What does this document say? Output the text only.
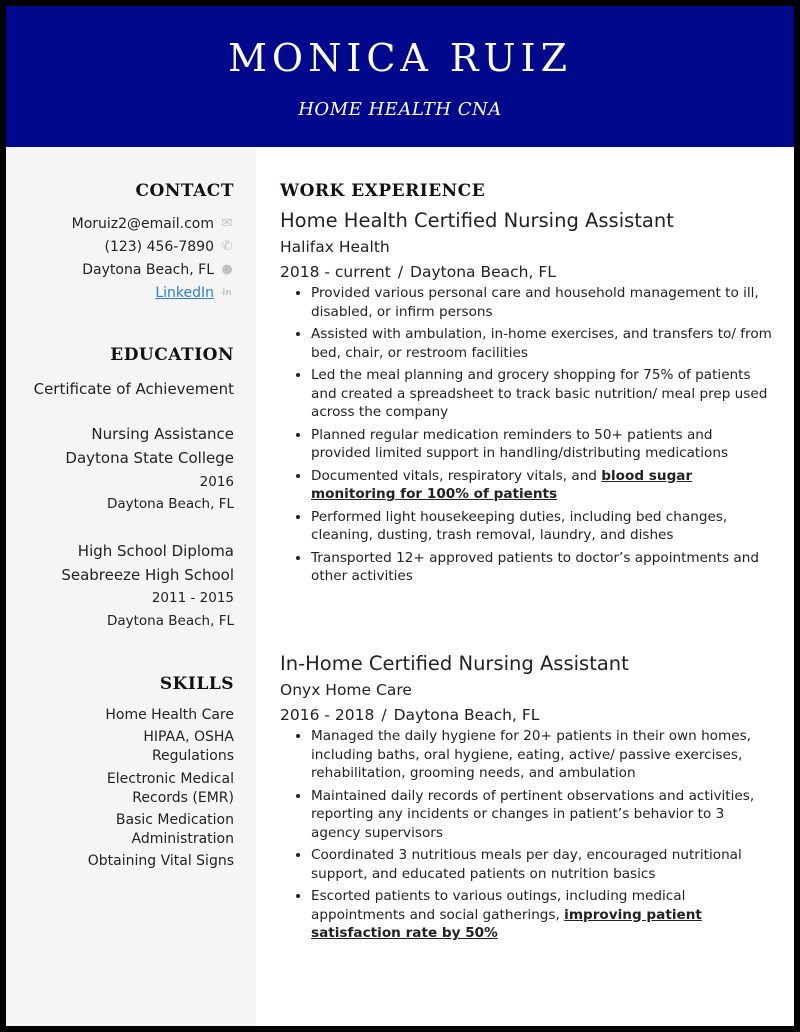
MONICA RUIZ
HOME HEALTH CNA
CONTACT
Moruiz2@email.com ✉
(123) 456-7890 ✆
Daytona Beach, FL ●
LinkedIn in
EDUCATION
Certificate of Achievement
Nursing Assistance
Daytona State College
2016
Daytona Beach, FL
High School Diploma
Seabreeze High School
2011 - 2015
Daytona Beach, FL
SKILLS
Home Health Care
HIPAA, OSHA Regulations
Electronic Medical Records (EMR)
Basic Medication Administration
Obtaining Vital Signs
WORK EXPERIENCE
Home Health Certified Nursing Assistant
Halifax Health
2018 - current / Daytona Beach, FL
• Provided various personal care and household management to ill, disabled, or infirm persons
• Assisted with ambulation, in-home exercises, and transfers to/ from bed, chair, or restroom facilities
• Led the meal planning and grocery shopping for 75% of patients and created a spreadsheet to track basic nutrition/ meal prep used across the company
• Planned regular medication reminders to 50+ patients and provided limited support in handling/distributing medications
• Documented vitals, respiratory vitals, and blood sugar monitoring for 100% of patients
• Performed light housekeeping duties, including bed changes, cleaning, dusting, trash removal, laundry, and dishes
• Transported 12+ approved patients to doctor’s appointments and other activities
In-Home Certified Nursing Assistant
Onyx Home Care
2016 - 2018 / Daytona Beach, FL
• Managed the daily hygiene for 20+ patients in their own homes, including baths, oral hygiene, eating, active/ passive exercises, rehabilitation, grooming needs, and ambulation
• Maintained daily records of pertinent observations and activities, reporting any incidents or changes in patient’s behavior to 3 agency supervisors
• Coordinated 3 nutritious meals per day, encouraged nutritional support, and educated patients on nutrition basics
• Escorted patients to various outings, including medical appointments and social gatherings, improving patient satisfaction rate by 50%
